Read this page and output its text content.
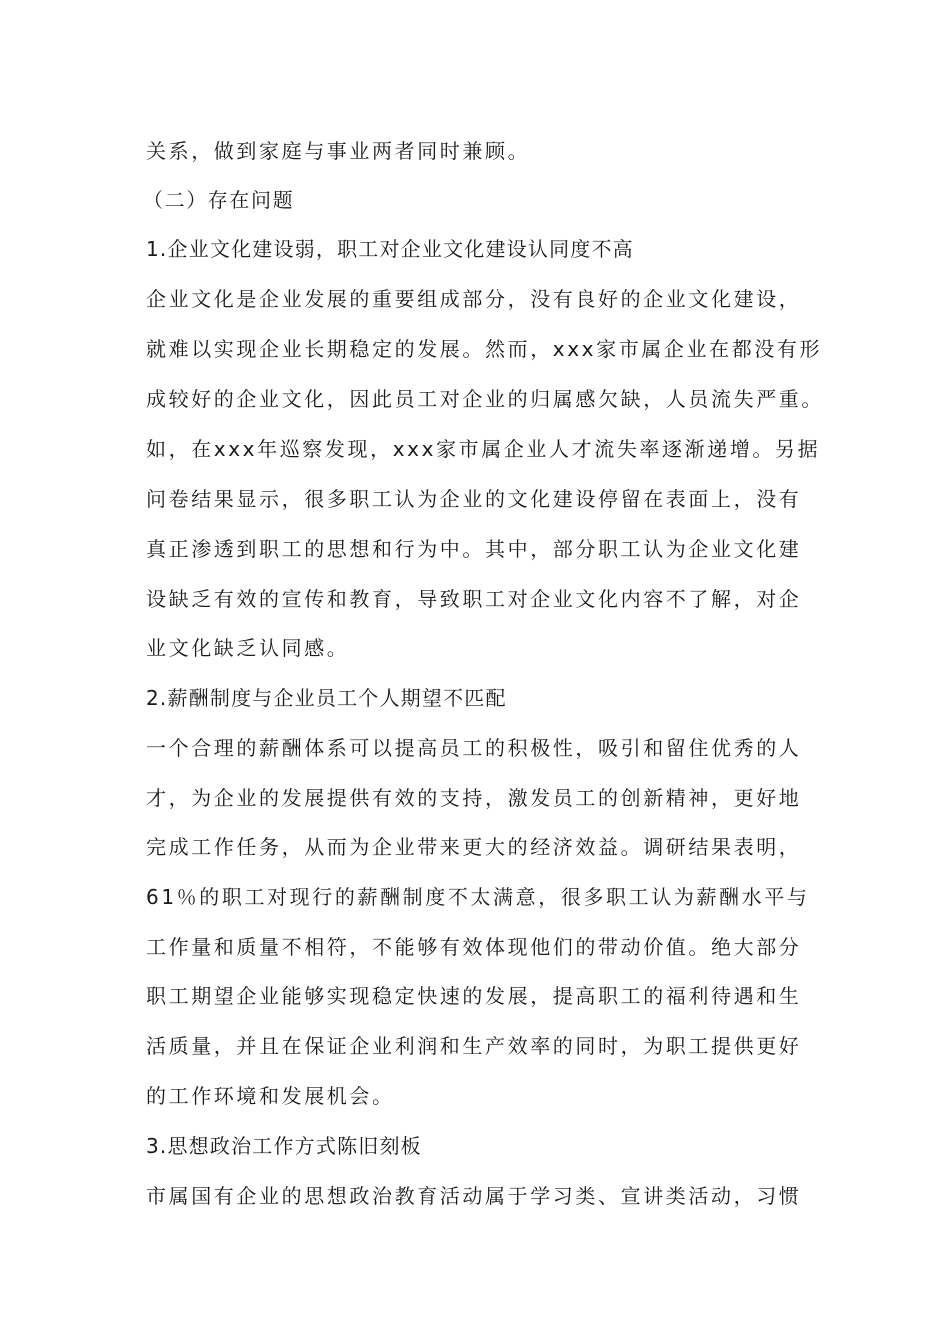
关系，做到家庭与事业两者同时兼顾。
（二）存在问题
1.企业文化建设弱，职工对企业文化建设认同度不高
企业文化是企业发展的重要组成部分，没有良好的企业文化建设，
就难以实现企业长期稳定的发展。然而，xxx家市属企业在都没有形
成较好的企业文化，因此员工对企业的归属感欠缺，人员流失严重。
如，在xxx年巡察发现，xxx家市属企业人才流失率逐渐递增。另据
问卷结果显示，很多职工认为企业的文化建设停留在表面上，没有
真正渗透到职工的思想和行为中。其中，部分职工认为企业文化建
设缺乏有效的宣传和教育，导致职工对企业文化内容不了解，对企
业文化缺乏认同感。
2.薪酬制度与企业员工个人期望不匹配
一个合理的薪酬体系可以提高员工的积极性，吸引和留住优秀的人
才，为企业的发展提供有效的支持，激发员工的创新精神，更好地
完成工作任务，从而为企业带来更大的经济效益。调研结果表明，
61％的职工对现行的薪酬制度不太满意，很多职工认为薪酬水平与
工作量和质量不相符，不能够有效体现他们的带动价值。绝大部分
职工期望企业能够实现稳定快速的发展，提高职工的福利待遇和生
活质量，并且在保证企业利润和生产效率的同时，为职工提供更好
的工作环境和发展机会。
3.思想政治工作方式陈旧刻板
市属国有企业的思想政治教育活动属于学习类、宣讲类活动，习惯
